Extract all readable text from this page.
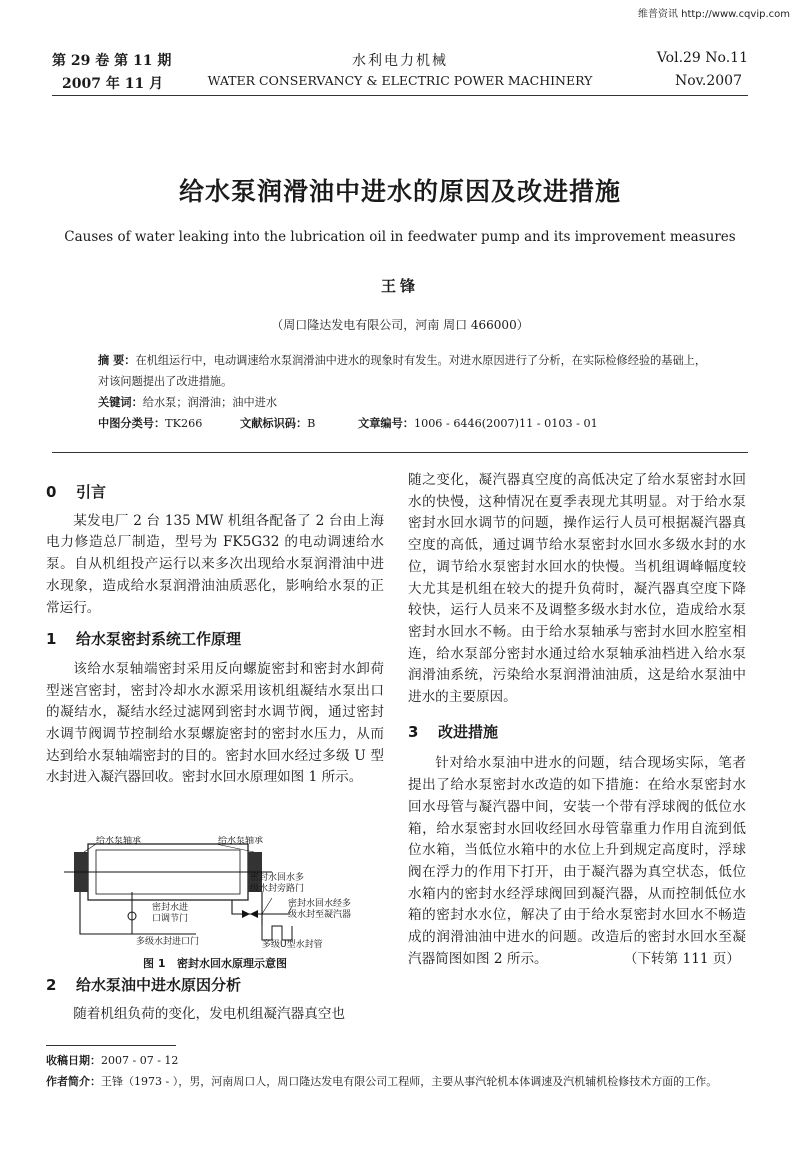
维普资讯 http://www.cqvip.com
第 29 卷 第 11 期
2007 年 11 月
水利电力机械
WATER CONSERVANCY & ELECTRIC POWER MACHINERY
Vol.29 No.11
Nov.2007
给水泵润滑油中进水的原因及改进措施
Causes of water leaking into the lubrication oil in feedwater pump and its improvement measures
王锋
（周口隆达发电有限公司，河南 周口 466000）
摘 要：在机组运行中，电动调速给水泵润滑油中进水的现象时有发生。对进水原因进行了分析，在实际检修经验的基础上，对该问题提出了改进措施。
关键词：给水泵；润滑油；油中进水
中图分类号：TK266	文献标识码：B	文章编号：1006 - 6446(2007)11 - 0103 - 01
0 引言

某发电厂 2 台 135 MW 机组各配备了 2 台由上海电力修造总厂制造，型号为 FK5G32 的电动调速给水泵。自从机组投产运行以来多次出现给水泵润滑油中进水现象，造成给水泵润滑油油质恶化，影响给水泵的正常运行。

1 给水泵密封系统工作原理

该给水泵轴端密封采用反向螺旋密封和密封水卸荷型迷宫密封，密封冷却水水源采用该机组凝结水泵出口的凝结水，凝结水经过滤网到密封水调节阀，通过密封水调节阀调节控制给水泵螺旋密封的密封水压力，从而达到给水泵轴端密封的目的。密封水回水经过多级 U 型水封进入凝汽器回收。密封水回水原理如图 1 所示。

给水泵轴承	给水泵轴承
密封水回水多
级水封旁路门
密封水回水经多
级水封至凝汽器
密封水进
口调节门
多级水封进口门	多级U型水封管
图 1 密封水回水原理示意图
2 给水泵油中进水原因分析

随着机组负荷的变化，发电机组凝汽器真空也

随之变化，凝汽器真空度的高低决定了给水泵密封水回水的快慢，这种情况在夏季表现尤其明显。对于给水泵密封水回水调节的问题，操作运行人员可根据凝汽器真空度的高低，通过调节给水泵密封水回水多级水封的水位，调节给水泵密封水回水的快慢。当机组调峰幅度较大尤其是机组在较大的提升负荷时，凝汽器真空度下降较快，运行人员来不及调整多级水封水位，造成给水泵密封水回水不畅。由于给水泵轴承与密封水回水腔室相连，给水泵部分密封水通过给水泵轴承油档进入给水泵润滑油系统，污染给水泵润滑油油质，这是给水泵油中进水的主要原因。

3 改进措施

针对给水泵油中进水的问题，结合现场实际，笔者提出了给水泵密封水改造的如下措施：在给水泵密封水回水母管与凝汽器中间，安装一个带有浮球阀的低位水箱，给水泵密封水回收经回水母管靠重力作用自流到低位水箱，当低位水箱中的水位上升到规定高度时，浮球阀在浮力的作用下打开，由于凝汽器为真空状态，低位水箱内的密封水经浮球阀回到凝汽器，从而控制低位水箱的密封水水位，解决了由于给水泵密封水回水不畅造成的润滑油油中进水的问题。改造后的密封水回水至凝汽器简图如图 2 所示。	（下转第 111 页）
收稿日期：2007 - 07 - 12
作者简介：王锋（1973 - ），男，河南周口人，周口隆达发电有限公司工程师，主要从事汽轮机本体调速及汽机辅机检修技术方面的工作。
